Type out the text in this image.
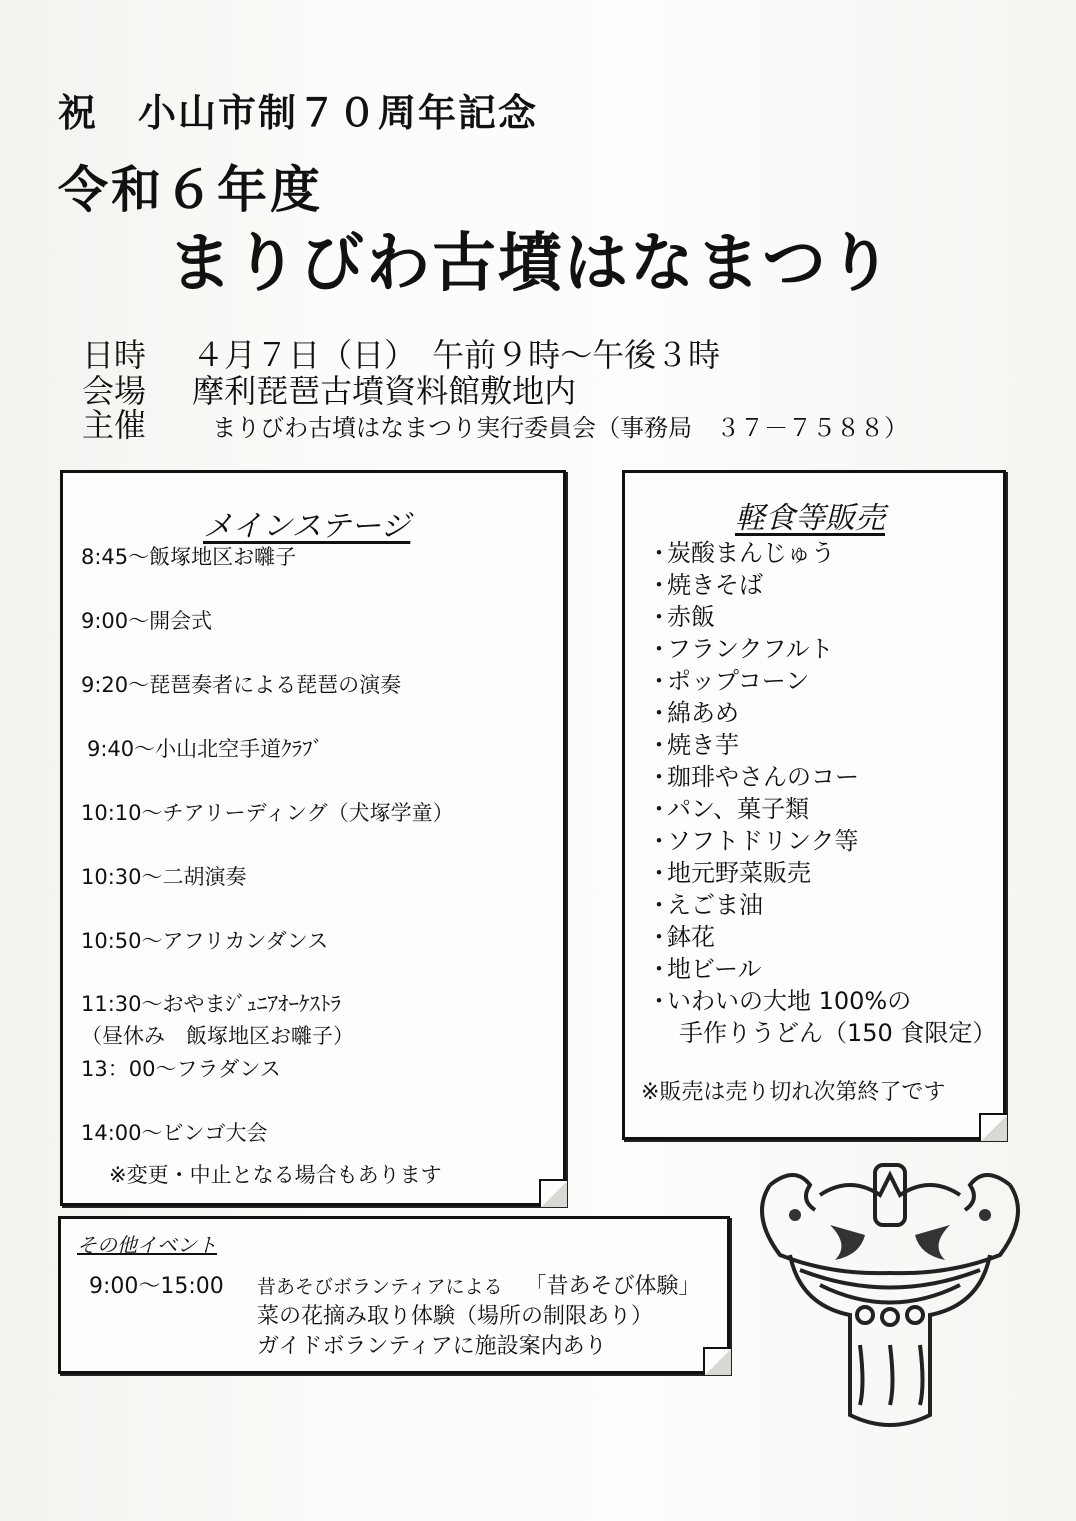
祝　小山市制７０周年記念
令和６年度
まりびわ古墳はなまつり
日時 ４月７日（日）　午前９時～午後３時
会場 摩利琵琶古墳資料館敷地内
主催	まりびわ古墳はなまつり実行委員会（事務局　３７－７５８８）
メインステージ
8:45～飯塚地区お囃子
9:00～開会式
9:20～琵琶奏者による琵琶の演奏
9:40～小山北空手道ｸﾗﾌﾞ
10:10～チアリーディング（犬塚学童）
10:30～二胡演奏
10:50～アフリカンダンス
11:30～おやまｼﾞｭﾆｱｵｰｹｽﾄﾗ
（昼休み　飯塚地区お囃子）
13：00～フラダンス
14:00～ビンゴ大会
※変更・中止となる場合もあります
軽食等販売
・炭酸まんじゅう
・焼きそば
・赤飯
・フランクフルト
・ポップコーン
・綿あめ
・焼き芋
・珈琲やさんのコー
・パン、菓子類
・ソフトドリンク等
・地元野菜販売
・えごま油
・鉢花
・地ビール
・いわいの大地 100%の
手作りうどん（150 食限定）
※販売は売り切れ次第終了です
その他イベント
9:00～15:00 昔あそびボランティアによる 「昔あそび体験」
菜の花摘み取り体験（場所の制限あり）
ガイドボランティアに施設案内あり
